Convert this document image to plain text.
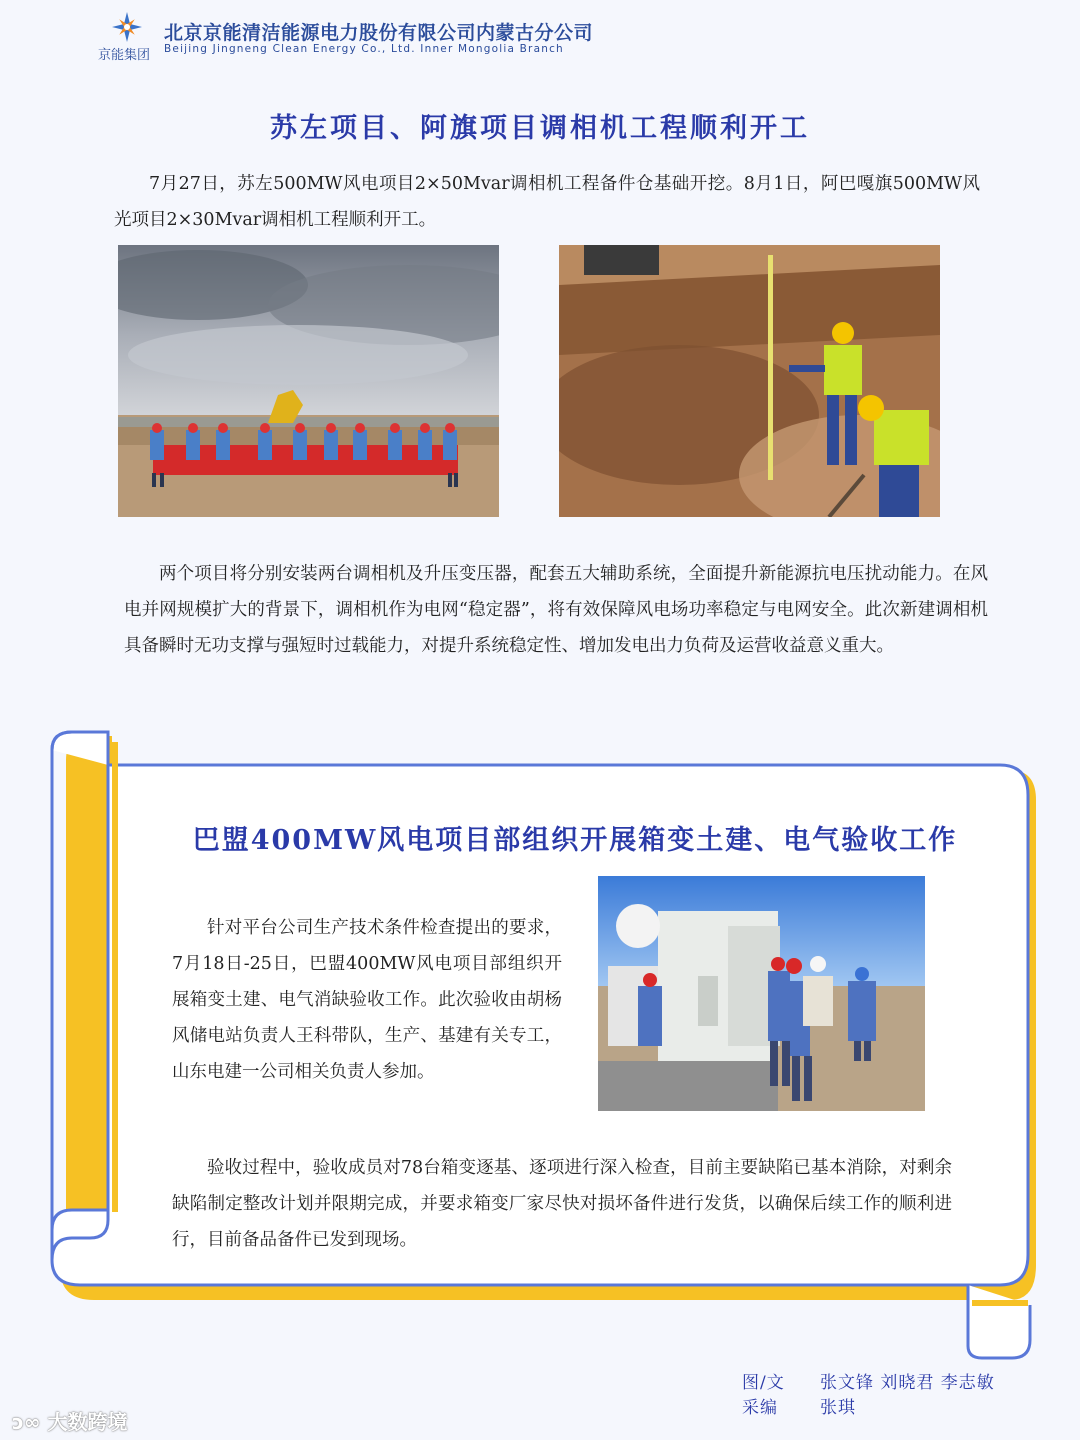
京能集团
北京京能清洁能源电力股份有限公司内蒙古分公司
Beijing Jingneng Clean Energy Co., Ltd. Inner Mongolia Branch
苏左项目、阿旗项目调相机工程顺利开工
7月27日，苏左500MW风电项目2×50Mvar调相机工程备件仓基础开挖。8月1日，阿巴嘎旗500MW风光项目2×30Mvar调相机工程顺利开工。
两个项目将分别安装两台调相机及升压变压器，配套五大辅助系统，全面提升新能源抗电压扰动能力。在风电并网规模扩大的背景下，调相机作为电网“稳定器”，将有效保障风电场功率稳定与电网安全。此次新建调相机具备瞬时无功支撑与强短时过载能力，对提升系统稳定性、增加发电出力负荷及运营收益意义重大。
巴盟400MW风电项目部组织开展箱变土建、电气验收工作
针对平台公司生产技术条件检查提出的要求，7月18日-25日，巴盟400MW风电项目部组织开展箱变土建、电气消缺验收工作。此次验收由胡杨风储电站负责人王科带队，生产、基建有关专工，山东电建一公司相关负责人参加。
验收过程中，验收成员对78台箱变逐基、逐项进行深入检查，目前主要缺陷已基本消除，对剩余缺陷制定整改计划并限期完成，并要求箱变厂家尽快对损坏备件进行发货，以确保后续工作的顺利进行，目前备品备件已发到现场。
图/文 张文锋 刘晓君 李志敏
采编 张琪
ↄ∞ 大数跨境
